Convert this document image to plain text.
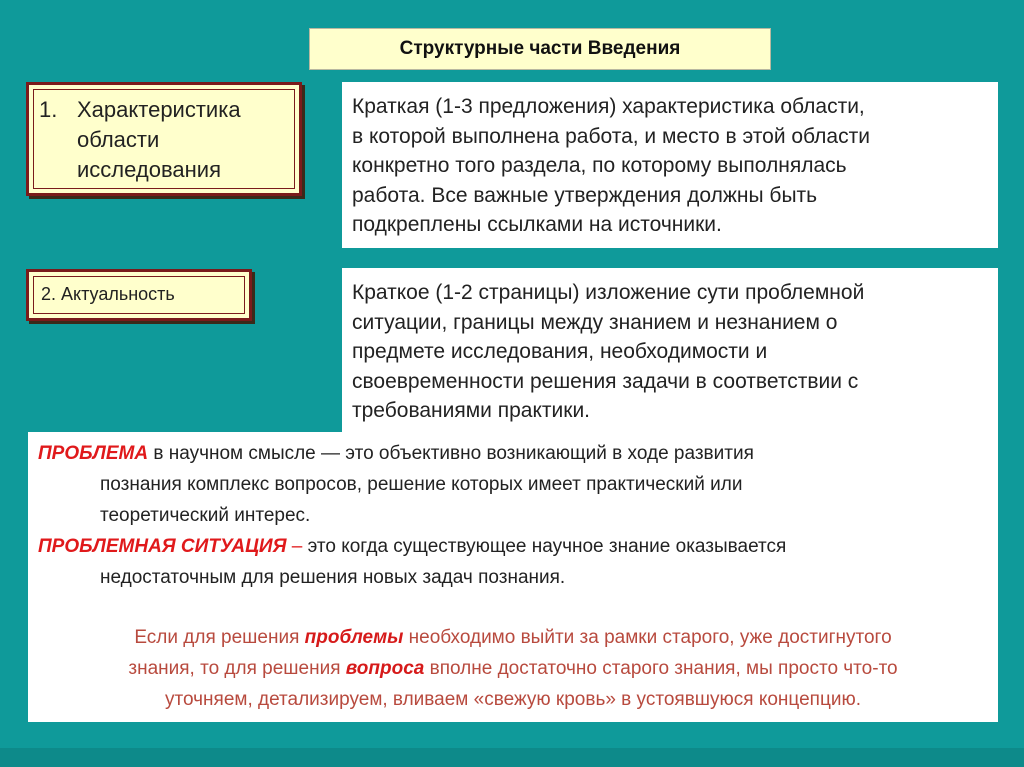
Структурные части Введения
1. Характеристика
области
исследования
Краткая (1-3 предложения) характеристика области,
в которой выполнена работа, и место в этой области
конкретно того раздела, по которому выполнялась
работа. Все важные утверждения должны быть
подкреплены ссылками на источники.
2. Актуальность	Краткое (1-2 страницы) изложение сути проблемной
ситуации, границы между знанием и незнанием о
предмете исследования, необходимости и
своевременности решения задачи в соответствии с
требованиями практики.
ПРОБЛЕМА в научном смысле — это объективно возникающий в ходе развития
познания комплекс вопросов, решение которых имеет практический или
теоретический интерес.
ПРОБЛЕМНАЯ СИТУАЦИЯ – это когда существующее научное знание оказывается
недостаточным для решения новых задач познания.
Если для решения проблемы необходимо выйти за рамки старого, уже достигнутого
знания, то для решения вопроса вполне достаточно старого знания, мы просто что-то
уточняем, детализируем, вливаем «свежую кровь» в устоявшуюся концепцию.
